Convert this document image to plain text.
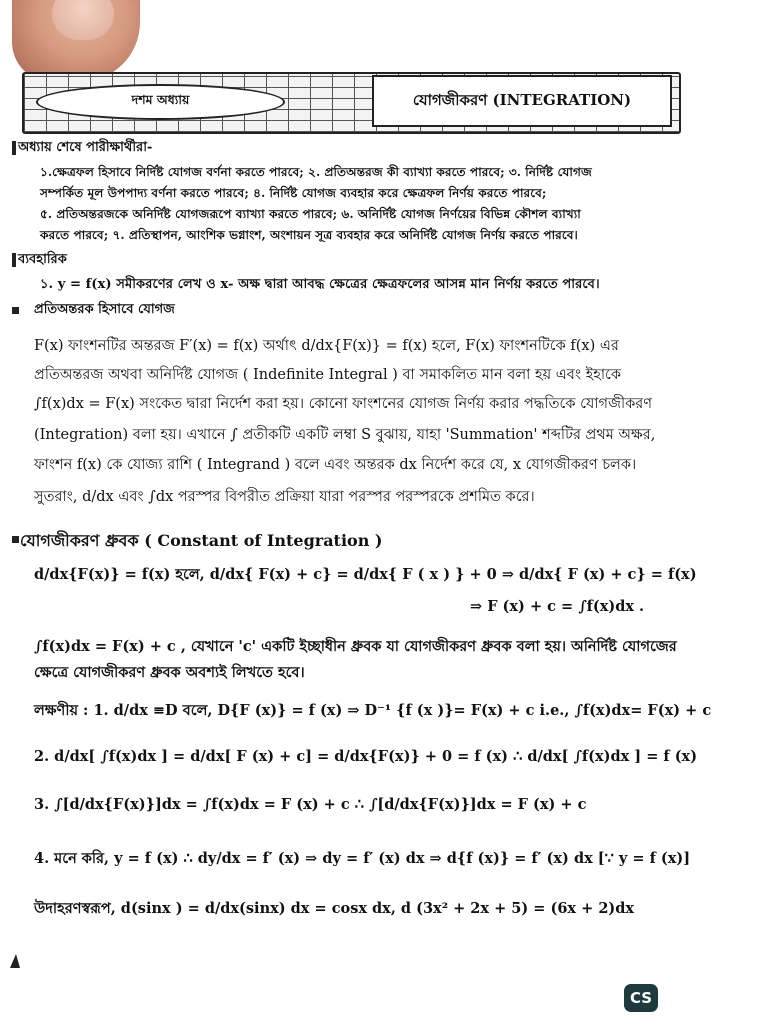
দশম অধ্যায়	যোগজীকরণ (INTEGRATION)
অধ্যায় শেষে পারীক্ষার্থীরা-
১.ক্ষেত্রফল হিসাবে নির্দিষ্ট যোগজ বর্ণনা করতে পারবে; ২. প্রতিঅন্তরজ কী ব্যাখ্যা করতে পারবে; ৩. নির্দিষ্ট যোগজ
সম্পর্কিত মূল উপপাদ্য বর্ণনা করতে পারবে; ৪. নির্দিষ্ট যোগজ ব্যবহার করে ক্ষেত্রফল নির্ণয় করতে পারবে;
৫. প্রতিঅন্তরজকে অনির্দিষ্ট যোগজরূপে ব্যাখ্যা করতে পারবে; ৬. অনির্দিষ্ট যোগজ নির্ণয়ের বিভিন্ন কৌশল ব্যাখ্যা
করতে পারবে; ৭. প্রতিস্থাপন, আংশিক ভগ্নাংশ, অংশায়ন সূত্র ব্যবহার করে অনির্দিষ্ট যোগজ নির্ণয় করতে পারবে।
ব্যবহারিক
১. y = f(x) সমীকরণের লেখ ও x- অক্ষ দ্বারা আবদ্ধ ক্ষেত্রের ক্ষেত্রফলের আসন্ন মান নির্ণয় করতে পারবে।
প্রতিঅন্তরক হিসাবে যোগজ
F(x) ফাংশনটির অন্তরজ F′(x) = f(x) অর্থাৎ d/dx{F(x)} = f(x) হলে, F(x) ফাংশনটিকে f(x) এর
প্রতিঅন্তরজ অথবা অনির্দিষ্ট যোগজ ( Indefinite Integral ) বা সমাকলিত মান বলা হয় এবং ইহাকে
∫f(x)dx = F(x) সংকেত দ্বারা নির্দেশ করা হয়। কোনো ফাংশনের যোগজ নির্ণয় করার পদ্ধতিকে যোগজীকরণ
(Integration) বলা হয়। এখানে ∫ প্রতীকটি একটি লম্বা S বুঝায়, যাহা 'Summation' শব্দটির প্রথম অক্ষর,
ফাংশন f(x) কে যোজ্য রাশি ( Integrand ) বলে এবং অন্তরক dx নির্দেশ করে যে, x যোগজীকরণ চলক।
সুতরাং, d/dx এবং ∫dx পরস্পর বিপরীত প্রক্রিয়া যারা পরস্পর পরস্পরকে প্রশমিত করে।
যোগজীকরণ ধ্রুবক ( Constant of Integration )
d/dx{F(x)} = f(x) হলে, d/dx{ F(x) + c} = d/dx{ F ( x ) } + 0 ⇒ d/dx{ F (x) + c} = f(x)
⇒ F (x) + c = ∫f(x)dx .
∫f(x)dx = F(x) + c , যেখানে 'c' একটি ইচ্ছাধীন ধ্রুবক যা যোগজীকরণ ধ্রুবক বলা হয়। অনির্দিষ্ট যোগজের
ক্ষেত্রে যোগজীকরণ ধ্রুবক অবশ্যই লিখতে হবে।
লক্ষণীয় : 1. d/dx ≡D বলে, D{F (x)} = f (x) ⇒ D⁻¹ {f (x )}= F(x) + c i.e., ∫f(x)dx= F(x) + c
2. d/dx[ ∫f(x)dx ] = d/dx[ F (x) + c] = d/dx{F(x)} + 0 = f (x) ∴ d/dx[ ∫f(x)dx ] = f (x)
3. ∫[d/dx{F(x)}]dx = ∫f(x)dx = F (x) + c ∴ ∫[d/dx{F(x)}]dx = F (x) + c
4. মনে করি, y = f (x) ∴ dy/dx = f′ (x) ⇒ dy = f′ (x) dx ⇒ d{f (x)} = f′ (x) dx [∵ y = f (x)]
উদাহরণস্বরূপ, d(sinx ) = d/dx(sinx) dx = cosx dx, d (3x² + 2x + 5) = (6x + 2)dx
CS
